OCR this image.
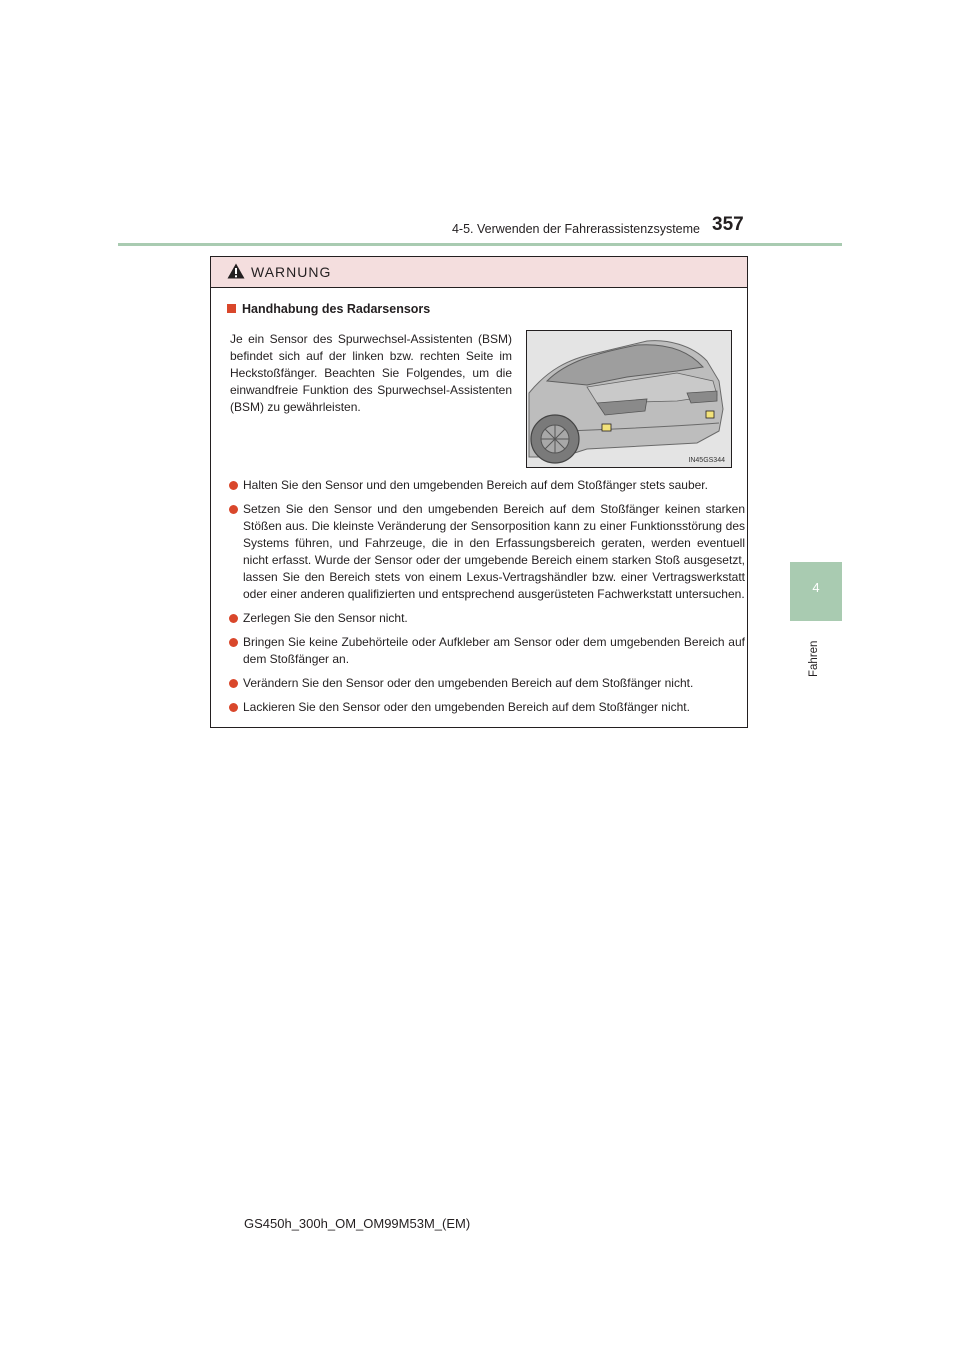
4-5. Verwenden der Fahrerassistenzsysteme 357
4
Fahren
WARNUNG
Handhabung des Radarsensors
Je ein Sensor des Spurwechsel-Assistenten (BSM) befindet sich auf der linken bzw. rechten Seite im Heckstoßfänger. Beachten Sie Folgendes, um die einwandfreie Funktion des Spurwechsel-Assistenten (BSM) zu gewährleisten.
IN45GS344
Halten Sie den Sensor und den umgebenden Bereich auf dem Stoßfänger stets sauber.
Setzen Sie den Sensor und den umgebenden Bereich auf dem Stoßfänger keinen starken Stößen aus. Die kleinste Veränderung der Sensorposition kann zu einer Funktionsstörung des Systems führen, und Fahrzeuge, die in den Erfassungsbereich geraten, werden eventuell nicht erfasst. Wurde der Sensor oder der umgebende Bereich einem starken Stoß ausgesetzt, lassen Sie den Bereich stets von einem Lexus-Vertragshändler bzw. einer Vertragswerkstatt oder einer anderen qualifizierten und entsprechend ausgerüsteten Fachwerkstatt untersuchen.
Zerlegen Sie den Sensor nicht.
Bringen Sie keine Zubehörteile oder Aufkleber am Sensor oder dem umgebenden Bereich auf dem Stoßfänger an.
Verändern Sie den Sensor oder den umgebenden Bereich auf dem Stoßfänger nicht.
Lackieren Sie den Sensor oder den umgebenden Bereich auf dem Stoßfänger nicht.
GS450h_300h_OM_OM99M53M_(EM)
